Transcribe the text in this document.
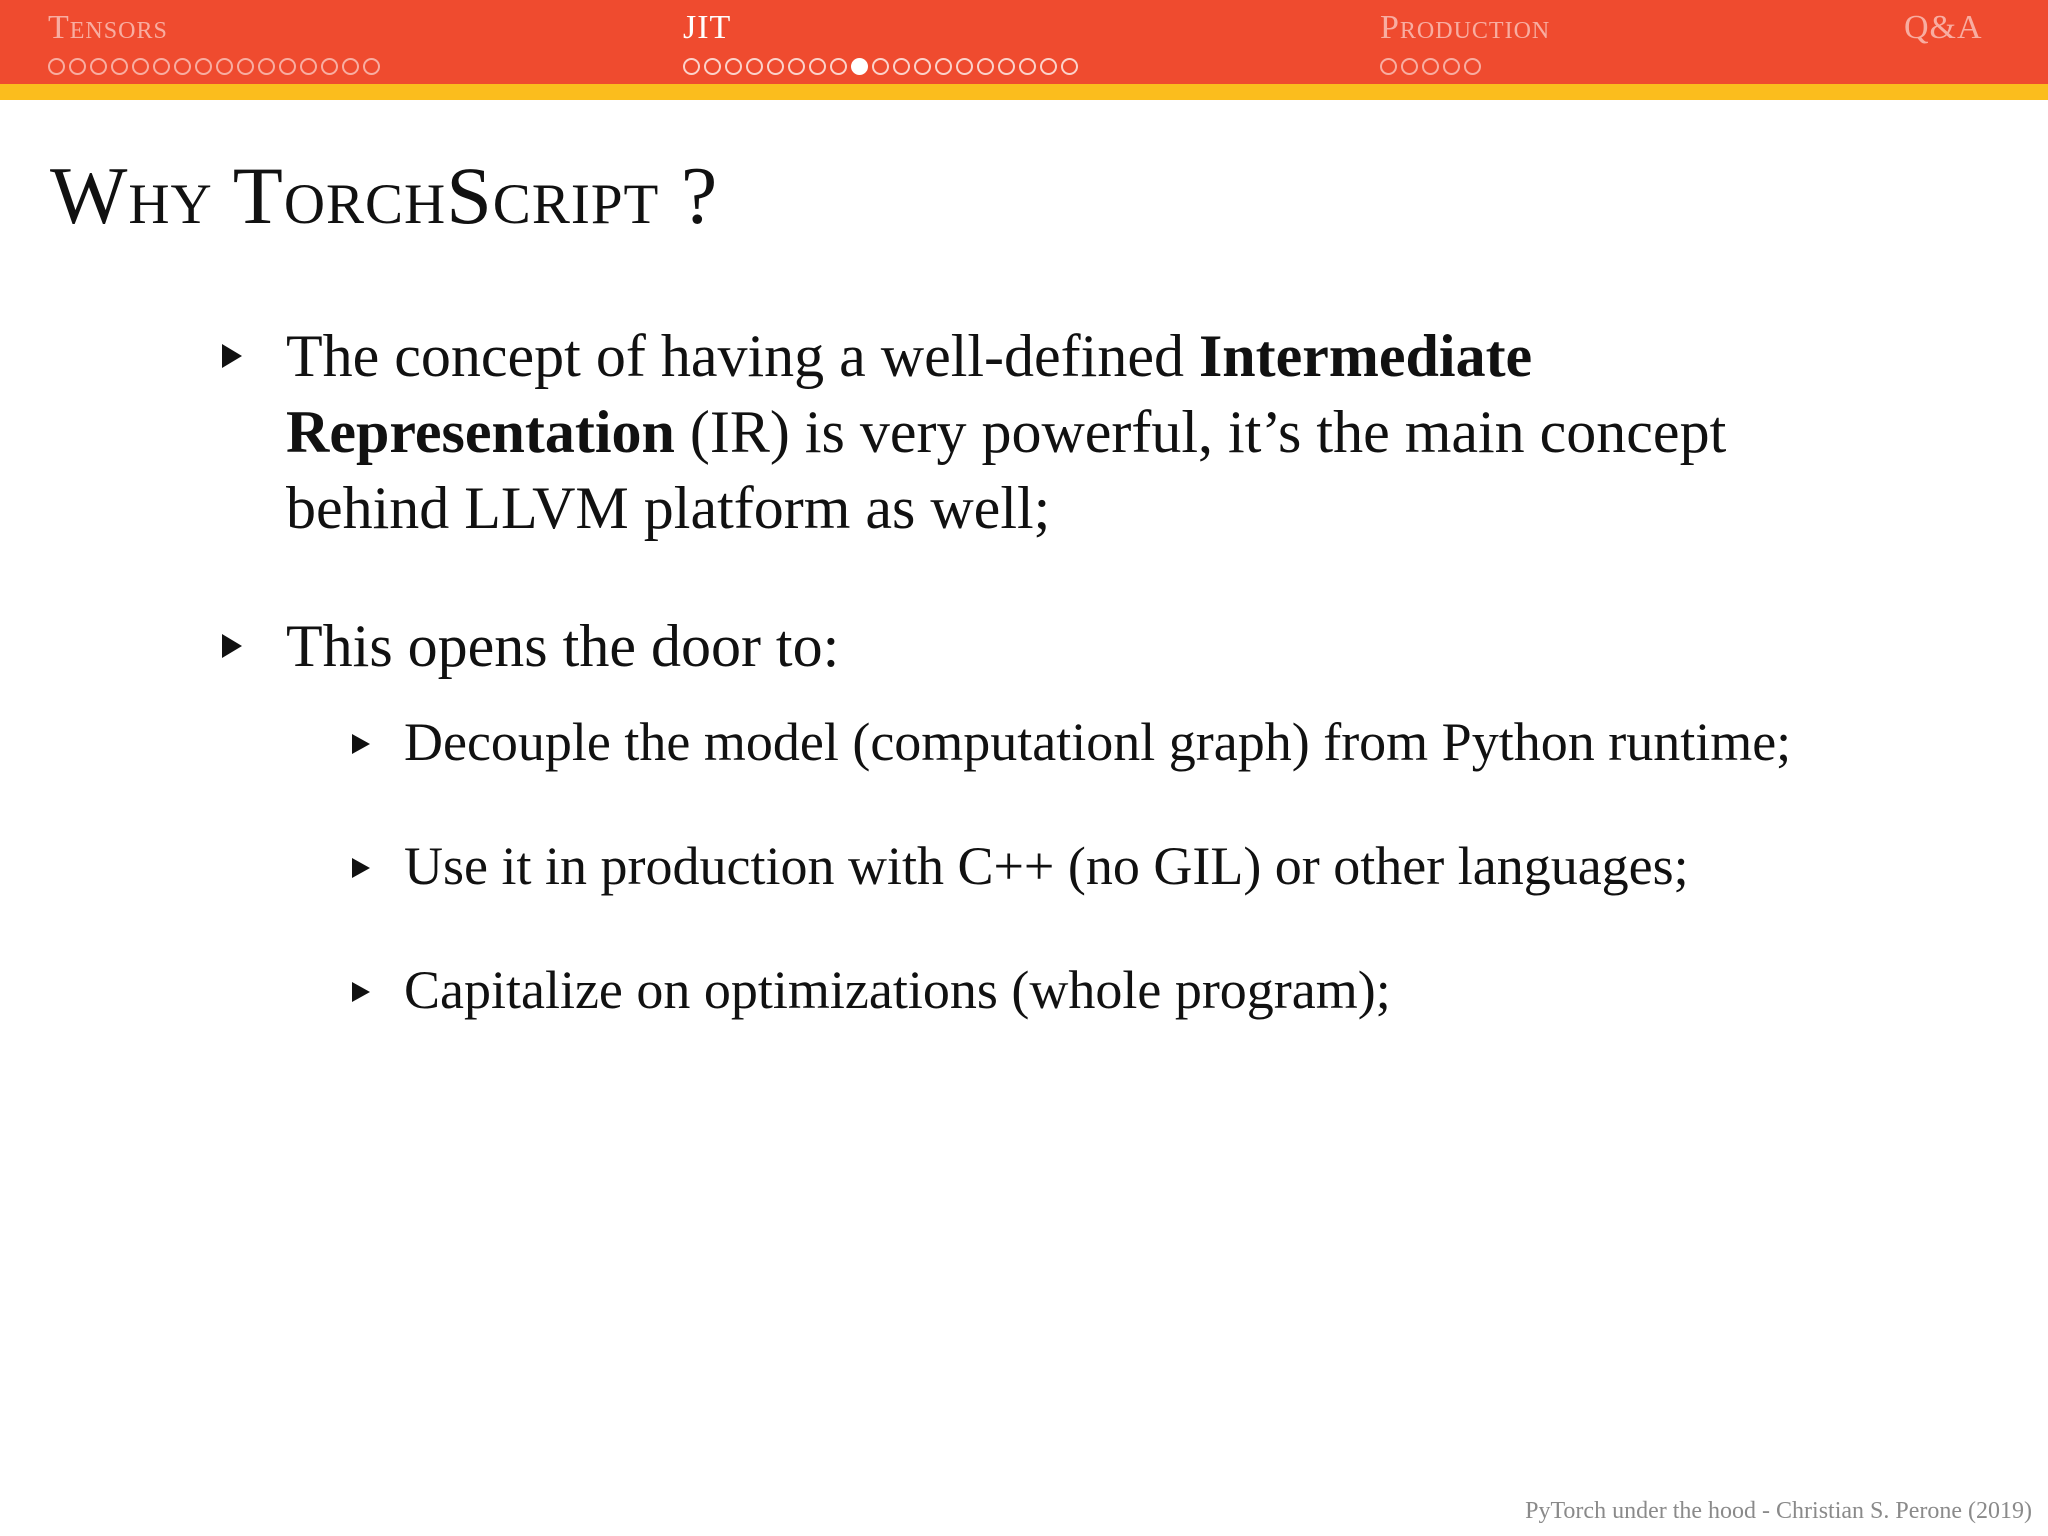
Tensors	JIT	Production	Q&A
Why TorchScript ?
The concept of having a well-defined Intermediate Representation (IR) is very powerful, it’s the main concept behind LLVM platform as well;
This opens the door to:
Decouple the model (computationl graph) from Python runtime;
Use it in production with C++ (no GIL) or other languages;
Capitalize on optimizations (whole program);
PyTorch under the hood - Christian S. Perone (2019)
